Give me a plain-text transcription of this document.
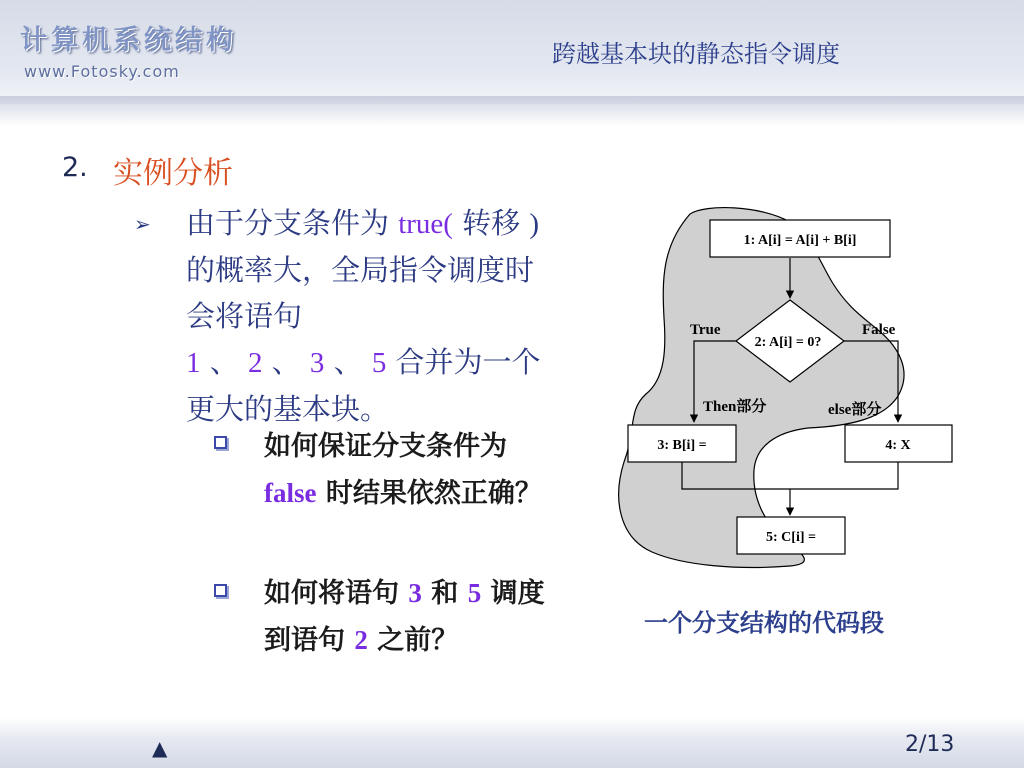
计算机系统结构
www.Fotosky.com
跨越基本块的静态指令调度
2. 实例分析
➢ 由于分支条件为 true( 转移 ) 的概率大，全局指令调度时会将语句
1 、 2 、 3 、 5 合并为一个更大的基本块。
如何保证分支条件为 false 时结果依然正确？
如何将语句 3 和 5 调度到语句 2 之前？
1: A[i] = A[i] + B[i]
2: A[i] = 0?
True	False
Then部分	else部分
3: B[i] =	4: X
5: C[i] =
一个分支结构的代码段
▲	2/13
